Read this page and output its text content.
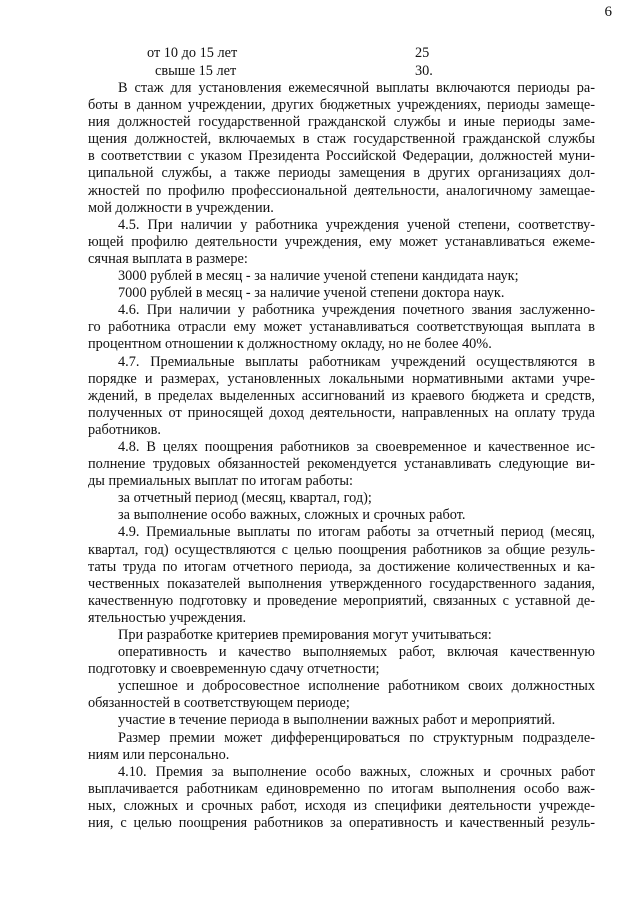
6
от 10 до 15 лет	25
свыше 15 лет	30.
В стаж для установления ежемесячной выплаты включаются периоды ра-
боты в данном учреждении, других бюджетных учреждениях, периоды замеще-
ния должностей государственной гражданской службы и иные периоды заме-
щения должностей, включаемых в стаж государственной гражданской службы
в соответствии с указом Президента Российской Федерации, должностей муни-
ципальной службы, а также периоды замещения в других организациях дол-
жностей по профилю профессиональной деятельности, аналогичному замещае-
мой должности в учреждении.
4.5. При наличии у работника учреждения ученой степени, соответству-
ющей профилю деятельности учреждения, ему может устанавливаться ежеме-
сячная выплата в размере:
3000 рублей в месяц - за наличие ученой степени кандидата наук;
7000 рублей в месяц - за наличие ученой степени доктора наук.
4.6. При наличии у работника учреждения почетного звания заслуженно-
го работника отрасли ему может устанавливаться соответствующая выплата в
процентном отношении к должностному окладу, но не более 40%.
4.7. Премиальные выплаты работникам учреждений осуществляются в
порядке и размерах, установленных локальными нормативными актами учре-
ждений, в пределах выделенных ассигнований из краевого бюджета и средств,
полученных от приносящей доход деятельности, направленных на оплату труда
работников.
4.8. В целях поощрения работников за своевременное и качественное ис-
полнение трудовых обязанностей рекомендуется устанавливать следующие ви-
ды премиальных выплат по итогам работы:
за отчетный период (месяц, квартал, год);
за выполнение особо важных, сложных и срочных работ.
4.9. Премиальные выплаты по итогам работы за отчетный период (месяц,
квартал, год) осуществляются с целью поощрения работников за общие резуль-
таты труда по итогам отчетного периода, за достижение количественных и ка-
чественных показателей выполнения утвержденного государственного задания,
качественную подготовку и проведение мероприятий, связанных с уставной де-
ятельностью учреждения.
При разработке критериев премирования могут учитываться:
оперативность и качество выполняемых работ, включая качественную
подготовку и своевременную сдачу отчетности;
успешное и добросовестное исполнение работником своих должностных
обязанностей в соответствующем периоде;
участие в течение периода в выполнении важных работ и мероприятий.
Размер премии может дифференцироваться по структурным подразделе-
ниям или персонально.
4.10. Премия за выполнение особо важных, сложных и срочных работ
выплачивается работникам единовременно по итогам выполнения особо важ-
ных, сложных и срочных работ, исходя из специфики деятельности учрежде-
ния, с целью поощрения работников за оперативность и качественный резуль-
